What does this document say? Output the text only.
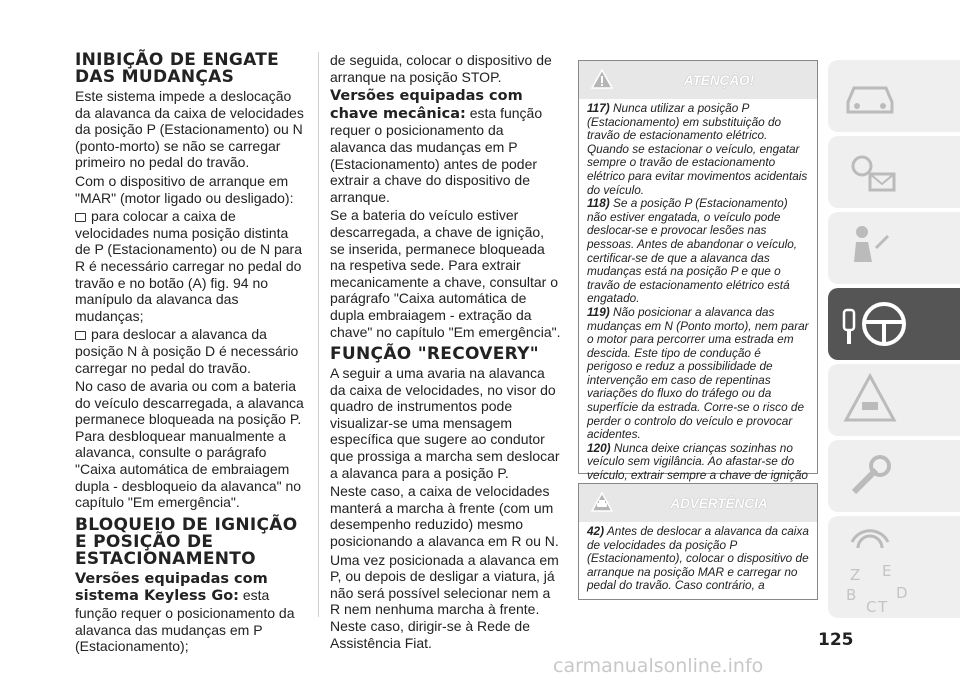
INIBIÇÃO DE ENGATE DAS MUDANÇAS

Este sistema impede a deslocação da alavanca da caixa de velocidades da posição P (Estacionamento) ou N (ponto-morto) se não se carregar primeiro no pedal do travão.

Com o dispositivo de arranque em "MAR" (motor ligado ou desligado):

para colocar a caixa de velocidades numa posição distinta de P (Estacionamento) ou de N para R é necessário carregar no pedal do travão e no botão (A) fig. 94 no manípulo da alavanca das mudanças;

para deslocar a alavanca da posição N à posição D é necessário carregar no pedal do travão.

No caso de avaria ou com a bateria do veículo descarregada, a alavanca permanece bloqueada na posição P. Para desbloquear manualmente a alavanca, consulte o parágrafo "Caixa automática de embraiagem dupla - desbloqueio da alavanca" no capítulo "Em emergência".

BLOQUEIO DE IGNIÇÃO E POSIÇÃO DE ESTACIONAMENTO

Versões equipadas com sistema Keyless Go: esta função requer o posicionamento da alavanca das mudanças em P (Estacionamento);

de seguida, colocar o dispositivo de arranque na posição STOP.

Versões equipadas com chave mecânica: esta função requer o posicionamento da alavanca das mudanças em P (Estacionamento) antes de poder extrair a chave do dispositivo de arranque.

Se a bateria do veículo estiver descarregada, a chave de ignição, se inserida, permanece bloqueada na respetiva sede. Para extrair mecanicamente a chave, consultar o parágrafo "Caixa automática de dupla embraiagem - extração da chave" no capítulo "Em emergência".

FUNÇÃO "RECOVERY"

A seguir a uma avaria na alavanca da caixa de velocidades, no visor do quadro de instrumentos pode visualizar-se uma mensagem específica que sugere ao condutor que prossiga a marcha sem deslocar a alavanca para a posição P.

Neste caso, a caixa de velocidades manterá a marcha à frente (com um desempenho reduzido) mesmo posicionando a alavanca em R ou N.

Uma vez posicionada a alavanca em P, ou depois de desligar a viatura, já não será possível selecionar nem a R nem nenhuma marcha à frente. Neste caso, dirigir-se à Rede de Assistência Fiat.

ATENÇÃO!

117) Nunca utilizar a posição P (Estacionamento) em substituição do travão de estacionamento elétrico. Quando se estacionar o veículo, engatar sempre o travão de estacionamento elétrico para evitar movimentos acidentais do veículo.

118) Se a posição P (Estacionamento) não estiver engatada, o veículo pode deslocar-se e provocar lesões nas pessoas. Antes de abandonar o veículo, certificar-se de que a alavanca das mudanças está na posição P e que o travão de estacionamento elétrico está engatado.

119) Não posicionar a alavanca das mudanças em N (Ponto morto), nem parar o motor para percorrer uma estrada em descida. Este tipo de condução é perigoso e reduz a possibilidade de intervenção em caso de repentinas variações do fluxo do tráfego ou da superfície da estrada. Corre-se o risco de perder o controlo do veículo e provocar acidentes.

120) Nunca deixe crianças sozinhas no veículo sem vigilância. Ao afastar-se do veículo, extrair sempre a chave de ignição

ADVERTÊNCIA

42) Antes de deslocar a alavanca da caixa de velocidades da posição P (Estacionamento), colocar o dispositivo de arranque na posição MAR e carregar no pedal do travão. Caso contrário, a

Z E
B
C T
D
125
carmanualsonline.info
